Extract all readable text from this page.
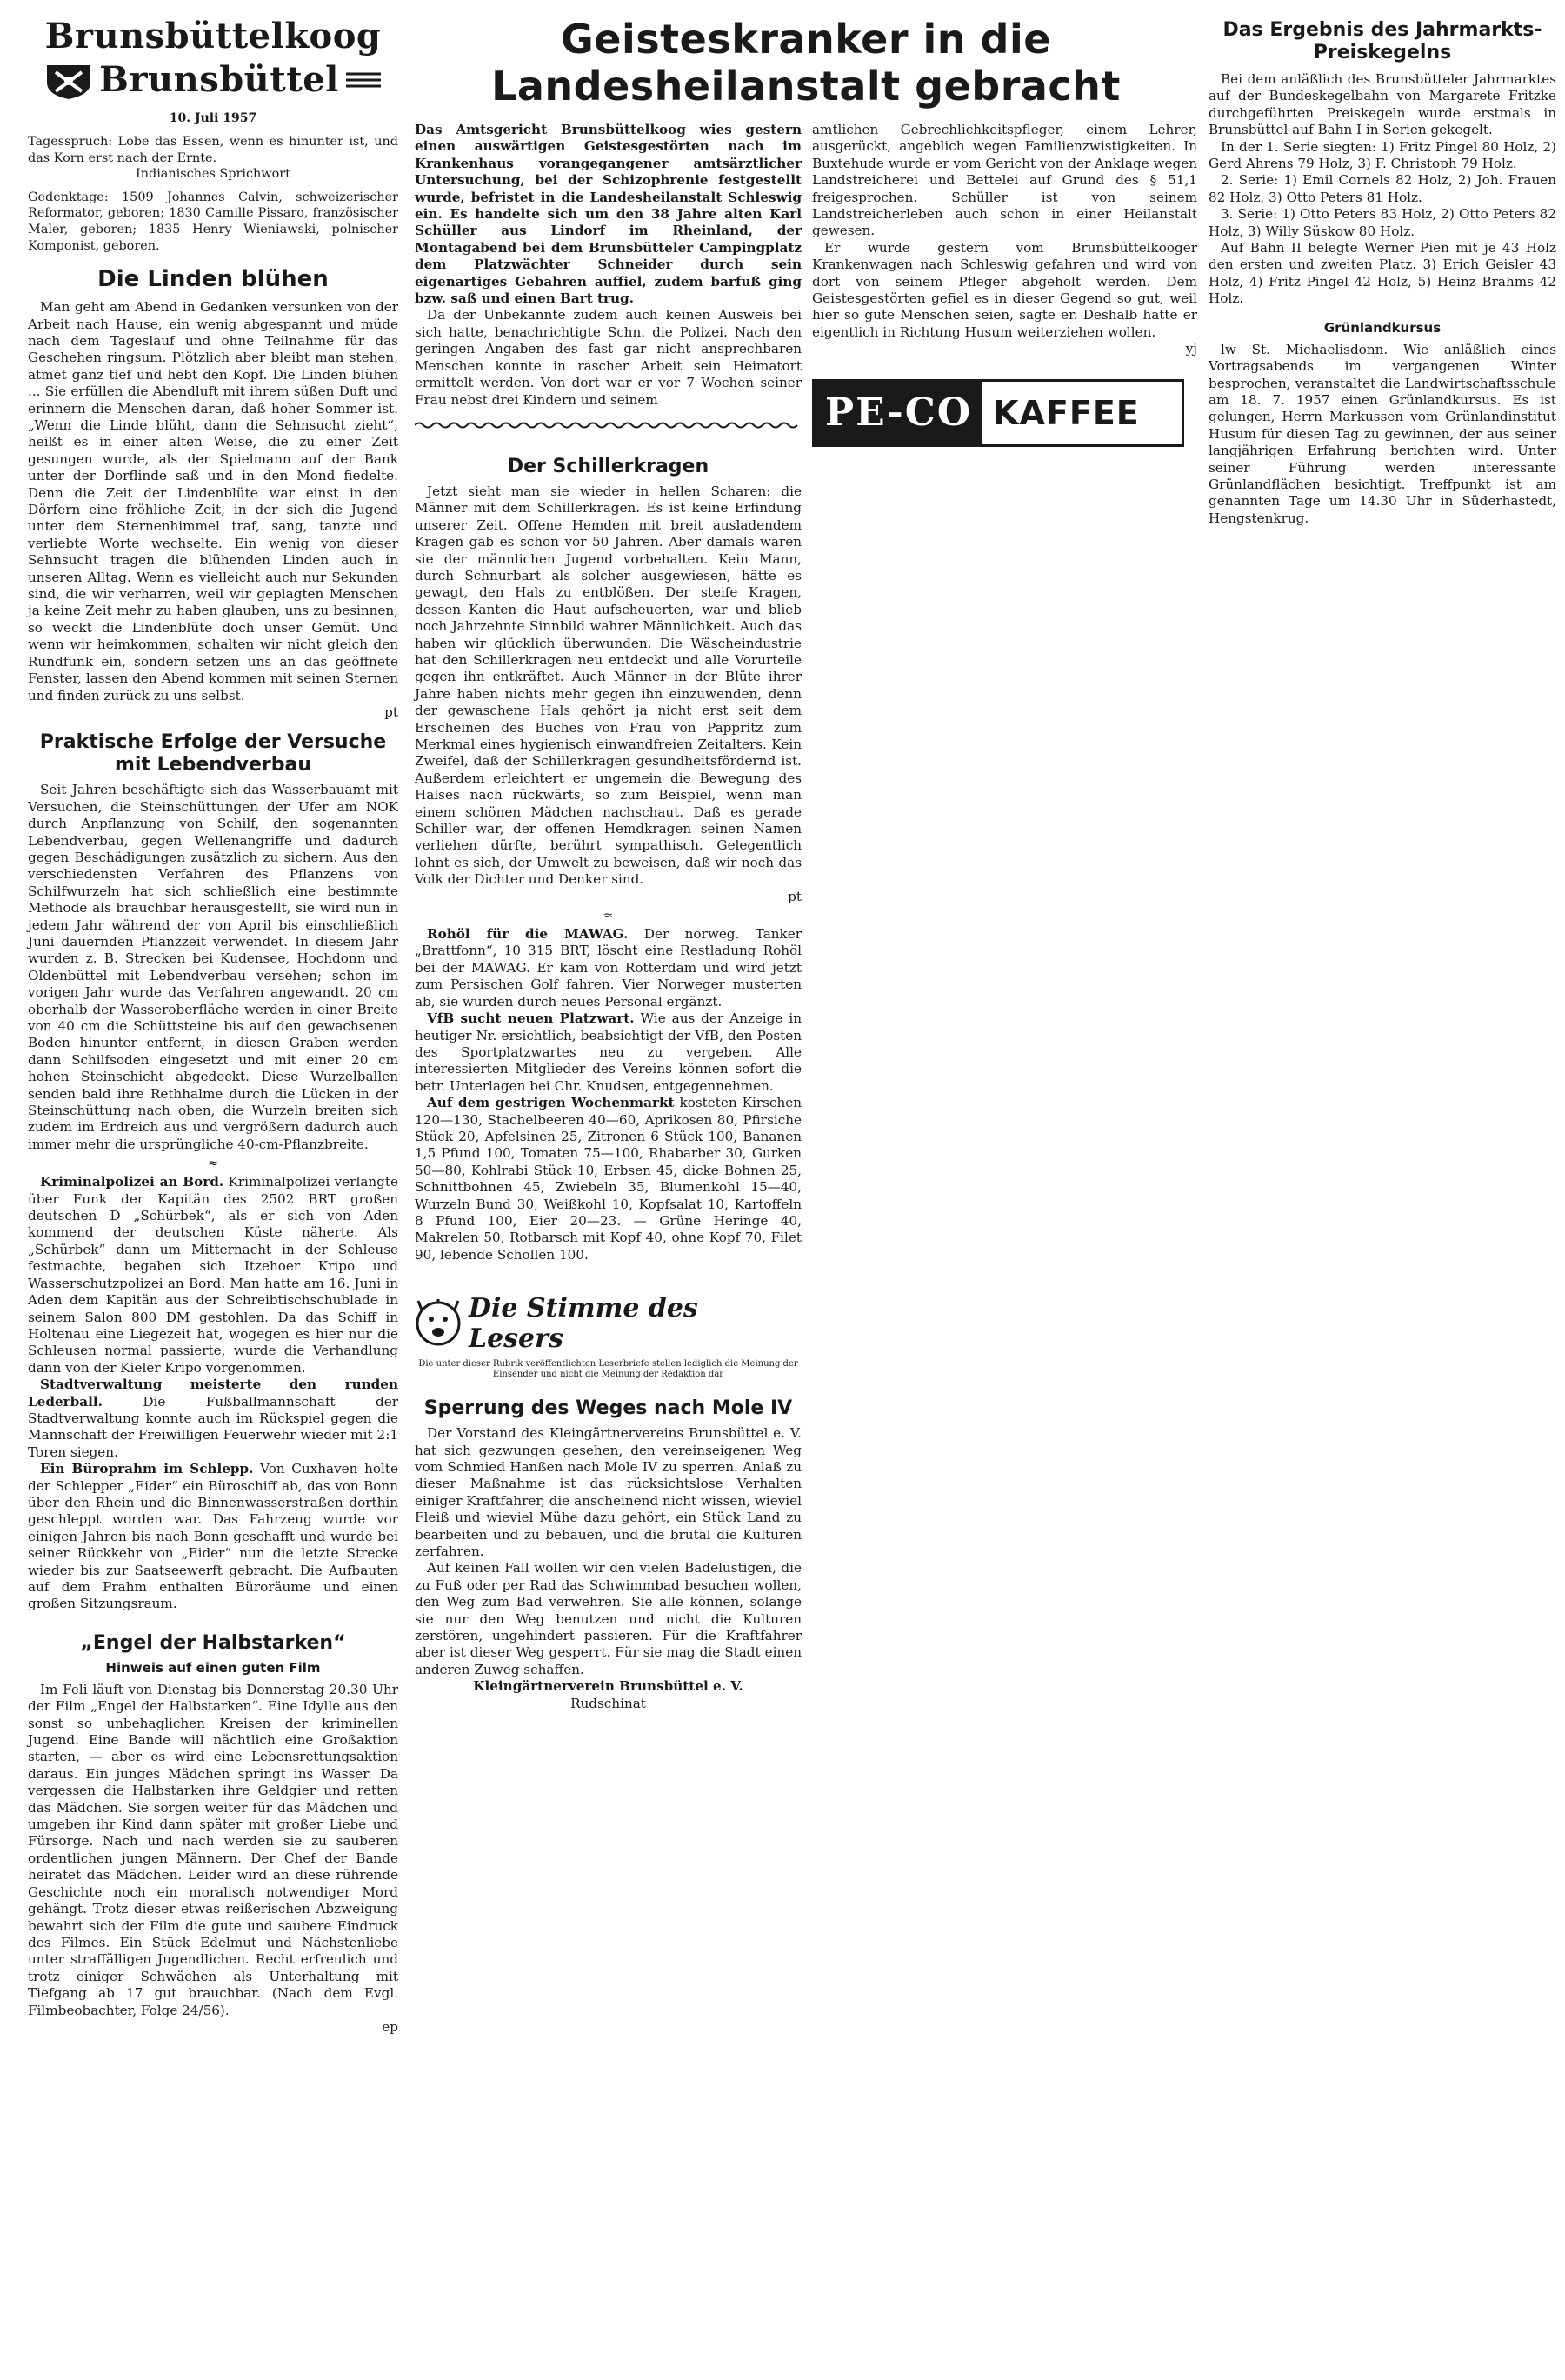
Brunsbüttelkoog
Brunsbüttel
10. Juli 1957

Tagesspruch: Lobe das Essen, wenn es hinunter ist, und das Korn erst nach der Ernte.

Indianisches Sprichwort

Gedenktage: 1509 Johannes Calvin, schweizerischer Reformator, geboren; 1830 Camille Pissaro, französischer Maler, geboren; 1835 Henry Wieniawski, polnischer Komponist, geboren.

Die Linden blühen

Man geht am Abend in Gedanken versunken von der Arbeit nach Hause, ein wenig abgespannt und müde nach dem Tageslauf und ohne Teilnahme für das Geschehen ringsum. Plötzlich aber bleibt man stehen, atmet ganz tief und hebt den Kopf. Die Linden blühen ... Sie erfüllen die Abendluft mit ihrem süßen Duft und erinnern die Menschen daran, daß hoher Sommer ist. „Wenn die Linde blüht, dann die Sehnsucht zieht“, heißt es in einer alten Weise, die zu einer Zeit gesungen wurde, als der Spielmann auf der Bank unter der Dorflinde saß und in den Mond fiedelte. Denn die Zeit der Lindenblüte war einst in den Dörfern eine fröhliche Zeit, in der sich die Jugend unter dem Sternenhimmel traf, sang, tanzte und verliebte Worte wechselte. Ein wenig von dieser Sehnsucht tragen die blühenden Linden auch in unseren Alltag. Wenn es vielleicht auch nur Sekunden sind, die wir verharren, weil wir geplagten Menschen ja keine Zeit mehr zu haben glauben, uns zu besinnen, so weckt die Lindenblüte doch unser Gemüt. Und wenn wir heimkommen, schalten wir nicht gleich den Rundfunk ein, sondern setzen uns an das geöffnete Fenster, lassen den Abend kommen mit seinen Sternen und finden zurück zu uns selbst.

pt

Praktische Erfolge der Versuche mit Lebendverbau

Seit Jahren beschäftigte sich das Wasserbauamt mit Versuchen, die Steinschüttungen der Ufer am NOK durch Anpflanzung von Schilf, den sogenannten Lebendverbau, gegen Wellenangriffe und dadurch gegen Beschädigungen zusätzlich zu sichern. Aus den verschiedensten Verfahren des Pflanzens von Schilfwurzeln hat sich schließlich eine bestimmte Methode als brauchbar herausgestellt, sie wird nun in jedem Jahr während der von April bis einschließlich Juni dauernden Pflanzzeit verwendet. In diesem Jahr wurden z. B. Strecken bei Kudensee, Hochdonn und Oldenbüttel mit Lebendverbau versehen; schon im vorigen Jahr wurde das Verfahren angewandt. 20 cm oberhalb der Wasseroberfläche werden in einer Breite von 40 cm die Schüttsteine bis auf den gewachsenen Boden hinunter entfernt, in diesen Graben werden dann Schilfsoden eingesetzt und mit einer 20 cm hohen Steinschicht abgedeckt. Diese Wurzelballen senden bald ihre Rethhalme durch die Lücken in der Steinschüttung nach oben, die Wurzeln breiten sich zudem im Erdreich aus und vergrößern dadurch auch immer mehr die ursprüngliche 40-cm-Pflanzbreite.

≈

Kriminalpolizei an Bord. Kriminalpolizei verlangte über Funk der Kapitän des 2502 BRT großen deutschen D „Schürbek“, als er sich von Aden kommend der deutschen Küste näherte. Als „Schürbek“ dann um Mitternacht in der Schleuse festmachte, begaben sich Itzehoer Kripo und Wasserschutzpolizei an Bord. Man hatte am 16. Juni in Aden dem Kapitän aus der Schreibtischschublade in seinem Salon 800 DM gestohlen. Da das Schiff in Holtenau eine Liegezeit hat, wogegen es hier nur die Schleusen normal passierte, wurde die Verhandlung dann von der Kieler Kripo vorgenommen.

Stadtverwaltung meisterte den runden Lederball.	Die Fußballmannschaft der Stadtverwaltung konnte auch im Rückspiel gegen die Mannschaft der Freiwilligen Feuerwehr wieder mit 2:1 Toren siegen.

Ein Büroprahm im Schlepp. Von Cuxhaven holte der Schlepper „Eider“ ein Büroschiff ab, das von Bonn über den Rhein und die Binnenwasserstraßen dorthin geschleppt worden war. Das Fahrzeug wurde vor einigen Jahren bis nach Bonn geschafft und wurde bei seiner Rückkehr von „Eider“ nun die letzte Strecke wieder bis zur Saatseewerft gebracht. Die Aufbauten auf dem Prahm enthalten Büroräume und einen großen Sitzungsraum.

„Engel der Halbstarken“
Hinweis auf einen guten Film

Im Feli läuft von Dienstag bis Donnerstag 20.30 Uhr der Film „Engel der Halbstarken“. Eine Idylle aus den sonst so unbehaglichen Kreisen der kriminellen Jugend. Eine Bande will nächtlich eine Großaktion starten, — aber es wird eine Lebensrettungsaktion daraus. Ein junges Mädchen springt ins Wasser. Da vergessen die Halbstarken ihre Geldgier und retten das Mädchen. Sie sorgen weiter für das Mädchen und umgeben ihr Kind dann später mit großer Liebe und Fürsorge. Nach und nach werden sie zu sauberen ordentlichen jungen Männern. Der Chef der Bande heiratet das Mädchen. Leider wird an diese rührende Geschichte noch ein moralisch notwendiger Mord gehängt. Trotz dieser etwas reißerischen Abzweigung bewahrt sich der Film die gute und saubere Eindruck des Filmes. Ein Stück Edelmut und Nächstenliebe unter straffälligen Jugendlichen. Recht erfreulich und trotz einiger Schwächen als Unterhaltung mit Tiefgang ab 17 gut brauchbar. (Nach dem Evgl. Filmbeobachter, Folge 24/56).

ep

Geisteskranker in die
Landesheilanstalt gebracht

Das Amtsgericht Brunsbüttelkoog wies gestern einen auswärtigen Geistesgestörten nach im Krankenhaus vorangegangener amtsärztlicher Untersuchung, bei der Schizophrenie festgestellt wurde, befristet in die Landesheilanstalt Schleswig ein. Es handelte sich um den 38 Jahre alten Karl Schüller aus Lindorf im Rheinland, der Montagabend bei dem Brunsbütteler Campingplatz dem Platzwächter Schneider durch sein eigenartiges Gebahren auffiel, zudem barfuß ging bzw. saß und einen Bart trug.

Da der Unbekannte zudem auch keinen Ausweis bei sich hatte, benachrichtigte Schn. die Polizei. Nach den geringen Angaben des fast gar nicht ansprechbaren Menschen konnte in rascher Arbeit sein Heimatort ermittelt werden. Von dort war er vor 7 Wochen seiner Frau nebst drei Kindern und seinem

Der Schillerkragen

Jetzt sieht man sie wieder in hellen Scharen: die Männer mit dem Schillerkragen. Es ist keine Erfindung unserer Zeit. Offene Hemden mit breit ausladendem Kragen gab es schon vor 50 Jahren. Aber damals waren sie der männlichen Jugend vorbehalten. Kein Mann, durch Schnurbart als solcher ausgewiesen, hätte es gewagt, den Hals zu entblößen. Der steife Kragen, dessen Kanten die Haut aufscheuerten, war und blieb noch Jahrzehnte Sinnbild wahrer Männlichkeit. Auch das haben wir glücklich überwunden. Die Wäscheindustrie hat den Schillerkragen neu entdeckt und alle Vorurteile gegen ihn entkräftet. Auch Männer in der Blüte ihrer Jahre haben nichts mehr gegen ihn einzuwenden, denn der gewaschene Hals gehört ja nicht erst seit dem Erscheinen des Buches von Frau von Pappritz zum Merkmal eines hygienisch einwandfreien Zeitalters. Kein Zweifel, daß der Schillerkragen gesundheitsfördernd ist. Außerdem erleichtert er ungemein die Bewegung des Halses nach rückwärts, so zum Beispiel, wenn man einem schönen Mädchen nachschaut. Daß es gerade Schiller war, der offenen Hemdkragen seinen Namen verliehen dürfte, berührt sympathisch. Gelegentlich lohnt es sich, der Umwelt zu beweisen, daß wir noch das Volk der Dichter und Denker sind.

pt

≈

Rohöl für die MAWAG. Der norweg. Tanker „Brattfonn“, 10 315 BRT, löscht eine Restladung Rohöl bei der MAWAG. Er kam von Rotterdam und wird jetzt zum Persischen Golf fahren. Vier Norweger musterten ab, sie wurden durch neues Personal ergänzt.

VfB sucht neuen Platzwart. Wie aus der Anzeige in heutiger Nr. ersichtlich, beabsichtigt der VfB, den Posten des Sportplatzwartes neu zu vergeben. Alle interessierten Mitglieder des Vereins können sofort die betr. Unterlagen bei Chr. Knudsen, entgegennehmen.

Auf dem gestrigen Wochenmarkt kosteten Kirschen 120—130, Stachelbeeren 40—60, Aprikosen 80, Pfirsiche Stück 20, Apfelsinen 25, Zitronen 6 Stück 100, Bananen 1,5 Pfund 100, Tomaten 75—100, Rhabarber 30, Gurken 50—80, Kohlrabi Stück 10, Erbsen 45, dicke Bohnen 25, Schnittbohnen 45, Zwiebeln 35, Blumenkohl 15—40, Wurzeln Bund 30, Weißkohl 10, Kopfsalat 10, Kartoffeln 8 Pfund 100, Eier 20—23. — Grüne Heringe 40, Makrelen 50, Rotbarsch mit Kopf 40, ohne Kopf 70, Filet 90, lebende Schollen 100.

Die Stimme des Lesers
Die unter dieser Rubrik veröffentlichten Leserbriefe stellen lediglich die Meinung der Einsender und nicht die Meinung der Redaktion dar
Sperrung des Weges nach Mole IV

Der Vorstand des Kleingärtnervereins Brunsbüttel e. V. hat sich gezwungen gesehen, den vereinseigenen Weg vom Schmied Hanßen nach Mole IV zu sperren. Anlaß zu dieser Maßnahme ist das rücksichtslose Verhalten einiger Kraftfahrer, die anscheinend nicht wissen, wieviel Fleiß und wieviel Mühe dazu gehört, ein Stück Land zu bearbeiten und zu bebauen, und die brutal die Kulturen zerfahren.

Auf keinen Fall wollen wir den vielen Badelustigen, die zu Fuß oder per Rad das Schwimmbad besuchen wollen, den Weg zum Bad verwehren. Sie alle können, solange sie nur den Weg benutzen und nicht die Kulturen zerstören, ungehindert passieren. Für die Kraftfahrer aber ist dieser Weg gesperrt. Für sie mag die Stadt einen anderen Zuweg schaffen.

Kleingärtnerverein Brunsbüttel e. V.

Rudschinat

amtlichen Gebrechlichkeitspfleger, einem Lehrer, ausgerückt, angeblich wegen Familienzwistigkeiten. In Buxtehude wurde er vom Gericht von der Anklage wegen Landstreicherei und Bettelei auf Grund des § 51,1 freigesprochen. Schüller ist von seinem Landstreicherleben auch schon in einer Heilanstalt gewesen.

Er wurde gestern vom Brunsbüttelkooger Krankenwagen nach Schleswig gefahren und wird von dort von seinem Pfleger abgeholt werden. Dem Geistesgestörten gefiel es in dieser Gegend so gut, weil hier so gute Menschen seien, sagte er. Deshalb hatte er eigentlich in Richtung Husum weiterziehen wollen.

yj

PE-CO KAFFEE
Das Ergebnis des Jahrmarkts-Preiskegelns

Bei dem anläßlich des Brunsbütteler Jahrmarktes auf der Bundeskegelbahn von Margarete Fritzke durchgeführten Preiskegeln wurde erstmals in Brunsbüttel auf Bahn I in Serien gekegelt.

In der 1. Serie siegten: 1) Fritz Pingel 80 Holz, 2) Gerd Ahrens 79 Holz, 3) F. Christoph 79 Holz.

2. Serie: 1) Emil Cornels 82 Holz, 2) Joh. Frauen 82 Holz, 3) Otto Peters 81 Holz.

3. Serie: 1) Otto Peters 83 Holz, 2) Otto Peters 82 Holz, 3) Willy Süskow 80 Holz.

Auf Bahn II belegte Werner Pien mit je 43 Holz den ersten und zweiten Platz. 3) Erich Geisler 43 Holz, 4) Fritz Pingel 42 Holz, 5) Heinz Brahms 42 Holz.

Grünlandkursus

lw St. Michaelisdonn. Wie anläßlich eines Vortragsabends im vergangenen Winter besprochen, veranstaltet die Landwirtschaftsschule am 18. 7. 1957 einen Grünlandkursus. Es ist gelungen, Herrn Markussen vom Grünlandinstitut Husum für diesen Tag zu gewinnen, der aus seiner langjährigen Erfahrung berichten wird. Unter seiner Führung werden interessante Grünlandflächen besichtigt. Treffpunkt ist am genannten Tage um 14.30 Uhr in Süderhastedt, Hengstenkrug.
